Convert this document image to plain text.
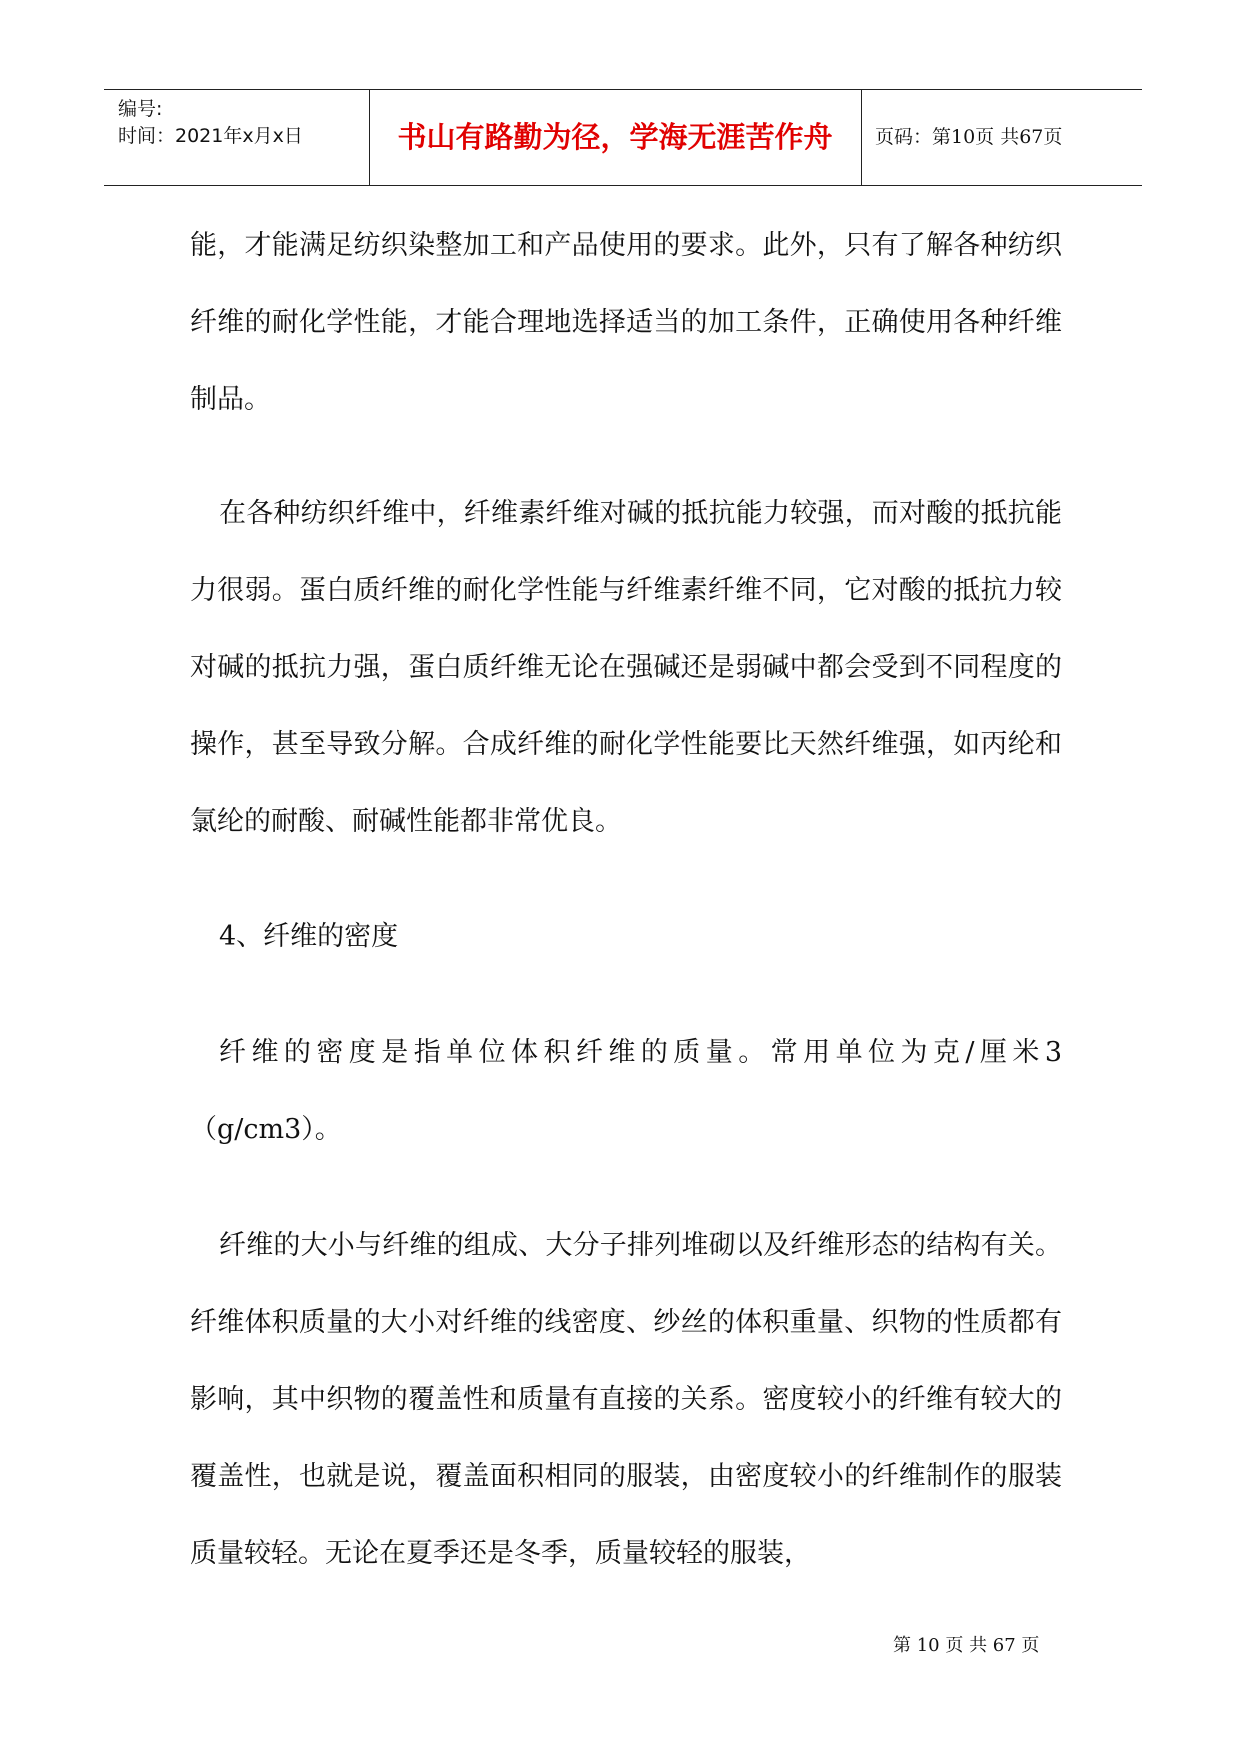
编号:
时间：2021年x月x日	书山有路勤为径，学海无涯苦作舟	页码：第10页 共67页
能，才能满足纺织染整加工和产品使用的要求。此外，只有了解各种纺织纤维的耐化学性能，才能合理地选择适当的加工条件，正确使用各种纤维制品。
在各种纺织纤维中，纤维素纤维对碱的抵抗能力较强，而对酸的抵抗能力很弱。蛋白质纤维的耐化学性能与纤维素纤维不同，它对酸的抵抗力较对碱的抵抗力强，蛋白质纤维无论在强碱还是弱碱中都会受到不同程度的操作，甚至导致分解。合成纤维的耐化学性能要比天然纤维强，如丙纶和氯纶的耐酸、耐碱性能都非常优良。
4、纤维的密度
纤维的密度是指单位体积纤维的质量。常用单位为克/厘米3（g/cm3）。
纤维的大小与纤维的组成、大分子排列堆砌以及纤维形态的结构有关。纤维体积质量的大小对纤维的线密度、纱丝的体积重量、织物的性质都有影响，其中织物的覆盖性和质量有直接的关系。密度较小的纤维有较大的覆盖性，也就是说，覆盖面积相同的服装，由密度较小的纤维制作的服装质量较轻。无论在夏季还是冬季，质量较轻的服装，
第 10 页 共 67 页
